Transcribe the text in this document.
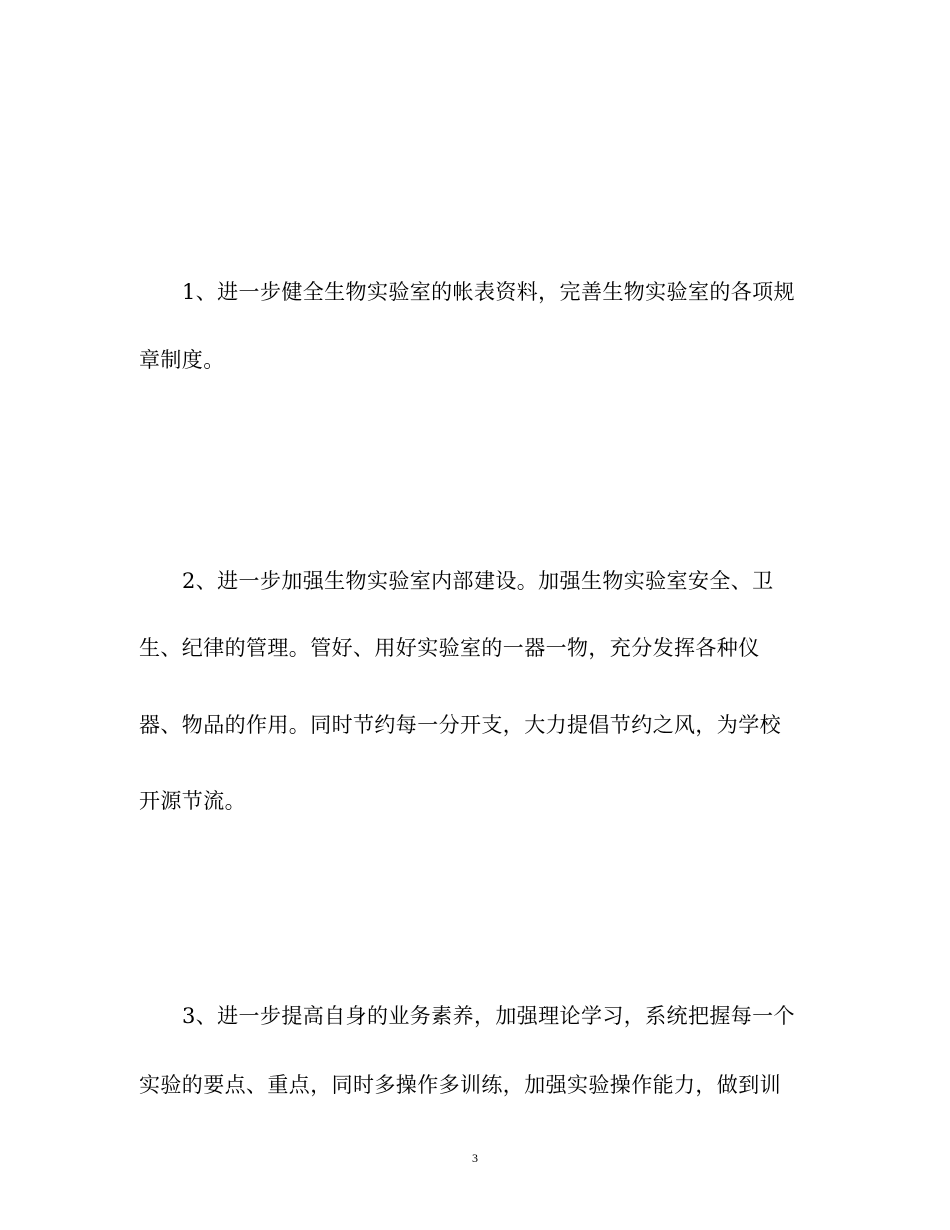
1、进一步健全生物实验室的帐表资料，完善生物实验室的各项规
章制度。
2、进一步加强生物实验室内部建设。加强生物实验室安全、卫
生、纪律的管理。管好、用好实验室的一器一物，充分发挥各种仪
器、物品的作用。同时节约每一分开支，大力提倡节约之风，为学校
开源节流。
3、进一步提高自身的业务素养，加强理论学习，系统把握每一个
实验的要点、重点，同时多操作多训练，加强实验操作能力，做到训
3
